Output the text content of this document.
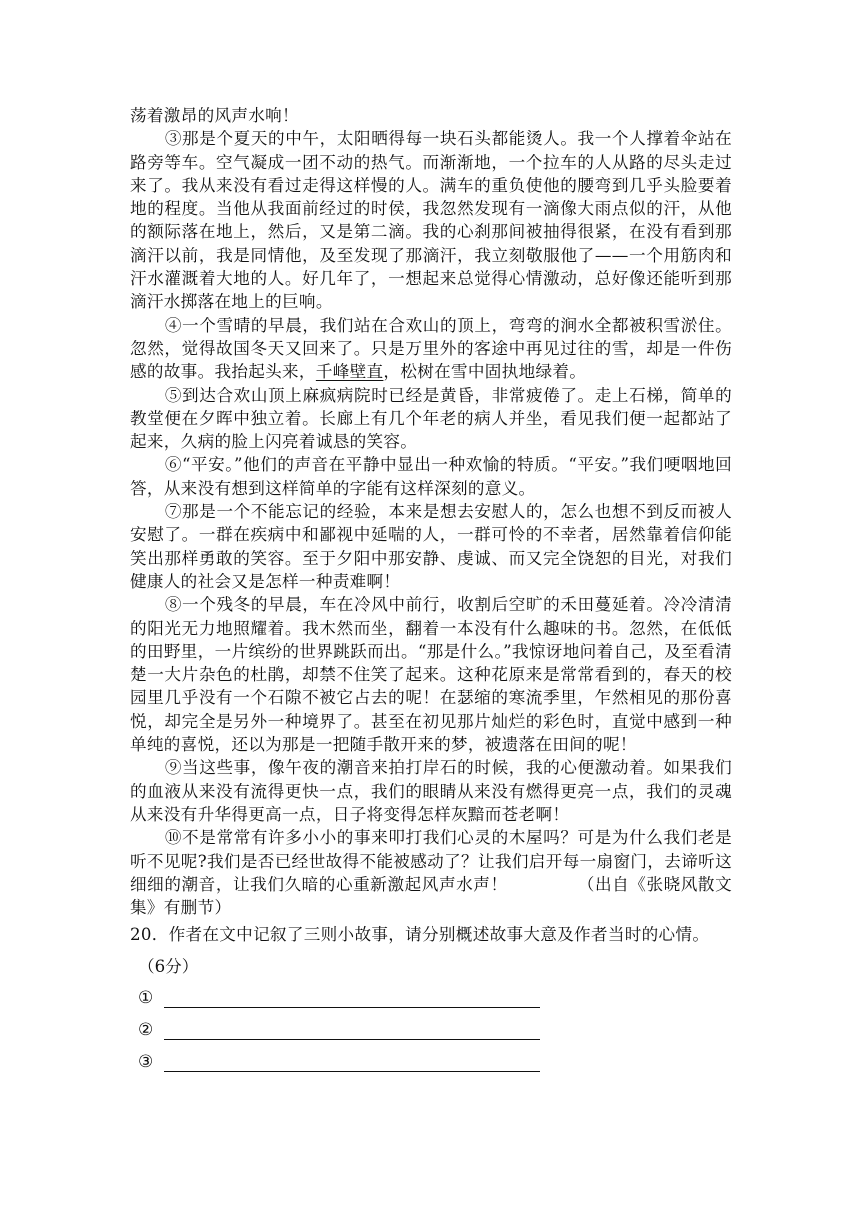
荡着激昂的风声水响！

③那是个夏天的中午，太阳晒得每一块石头都能烫人。我一个人撑着伞站在路旁等车。空气凝成一团不动的热气。而渐渐地，一个拉车的人从路的尽头走过来了。我从来没有看过走得这样慢的人。满车的重负使他的腰弯到几乎头脸要着地的程度。当他从我面前经过的时侯，我忽然发现有一滴像大雨点似的汗，从他的额际落在地上，然后，又是第二滴。我的心刹那间被抽得很紧，在没有看到那滴汗以前，我是同情他，及至发现了那滴汗，我立刻敬服他了——一个用筋肉和汗水灌溉着大地的人。好几年了，一想起来总觉得心情激动，总好像还能听到那滴汗水掷落在地上的巨响。

④一个雪晴的早晨，我们站在合欢山的顶上，弯弯的涧水全都被积雪淤住。忽然，觉得故国冬天又回来了。只是万里外的客途中再见过往的雪，却是一件伤感的故事。我抬起头来，千峰壁直，松树在雪中固执地绿着。

⑤到达合欢山顶上麻疯病院时已经是黄昏，非常疲倦了。走上石梯，简单的教堂便在夕晖中独立着。长廊上有几个年老的病人并坐，看见我们便一起都站了起来，久病的脸上闪亮着诚恳的笑容。

⑥“平安。”他们的声音在平静中显出一种欢愉的特质。“平安。”我们哽咽地回答，从来没有想到这样简单的字能有这样深刻的意义。

⑦那是一个不能忘记的经验，本来是想去安慰人的，怎么也想不到反而被人安慰了。一群在疾病中和鄙视中延喘的人，一群可怜的不幸者，居然靠着信仰能笑出那样勇敢的笑容。至于夕阳中那安静、虔诚、而又完全饶恕的目光，对我们健康人的社会又是怎样一种责难啊！

⑧一个残冬的早晨，车在冷风中前行，收割后空旷的禾田蔓延着。冷冷清清的阳光无力地照耀着。我木然而坐，翻着一本没有什么趣味的书。忽然，在低低的田野里，一片缤纷的世界跳跃而出。“那是什么。”我惊讶地问着自己，及至看清楚一大片杂色的杜鹃，却禁不住笑了起来。这种花原来是常常看到的，春天的校园里几乎没有一个石隙不被它占去的呢！在瑟缩的寒流季里，乍然相见的那份喜悦，却完全是另外一种境界了。甚至在初见那片灿烂的彩色时，直觉中感到一种单纯的喜悦，还以为那是一把随手散开来的梦，被遗落在田间的呢！

⑨当这些事，像午夜的潮音来拍打岸石的时候，我的心便激动着。如果我们的血液从来没有流得更快一点，我们的眼睛从来没有燃得更亮一点，我们的灵魂从来没有升华得更高一点，日子将变得怎样灰黯而苍老啊！

⑩不是常常有许多小小的事来叩打我们心灵的木屋吗？可是为什么我们老是听不见呢?我们是否已经世故得不能被感动了？让我们启开每一扇窗门，去谛听这细细的潮音，让我们久暗的心重新激起风声水声！	（出自《张晓风散文集》有删节）

20．作者在文中记叙了三则小故事，请分别概述故事大意及作者当时的心情。

（6分）
①
②
③
